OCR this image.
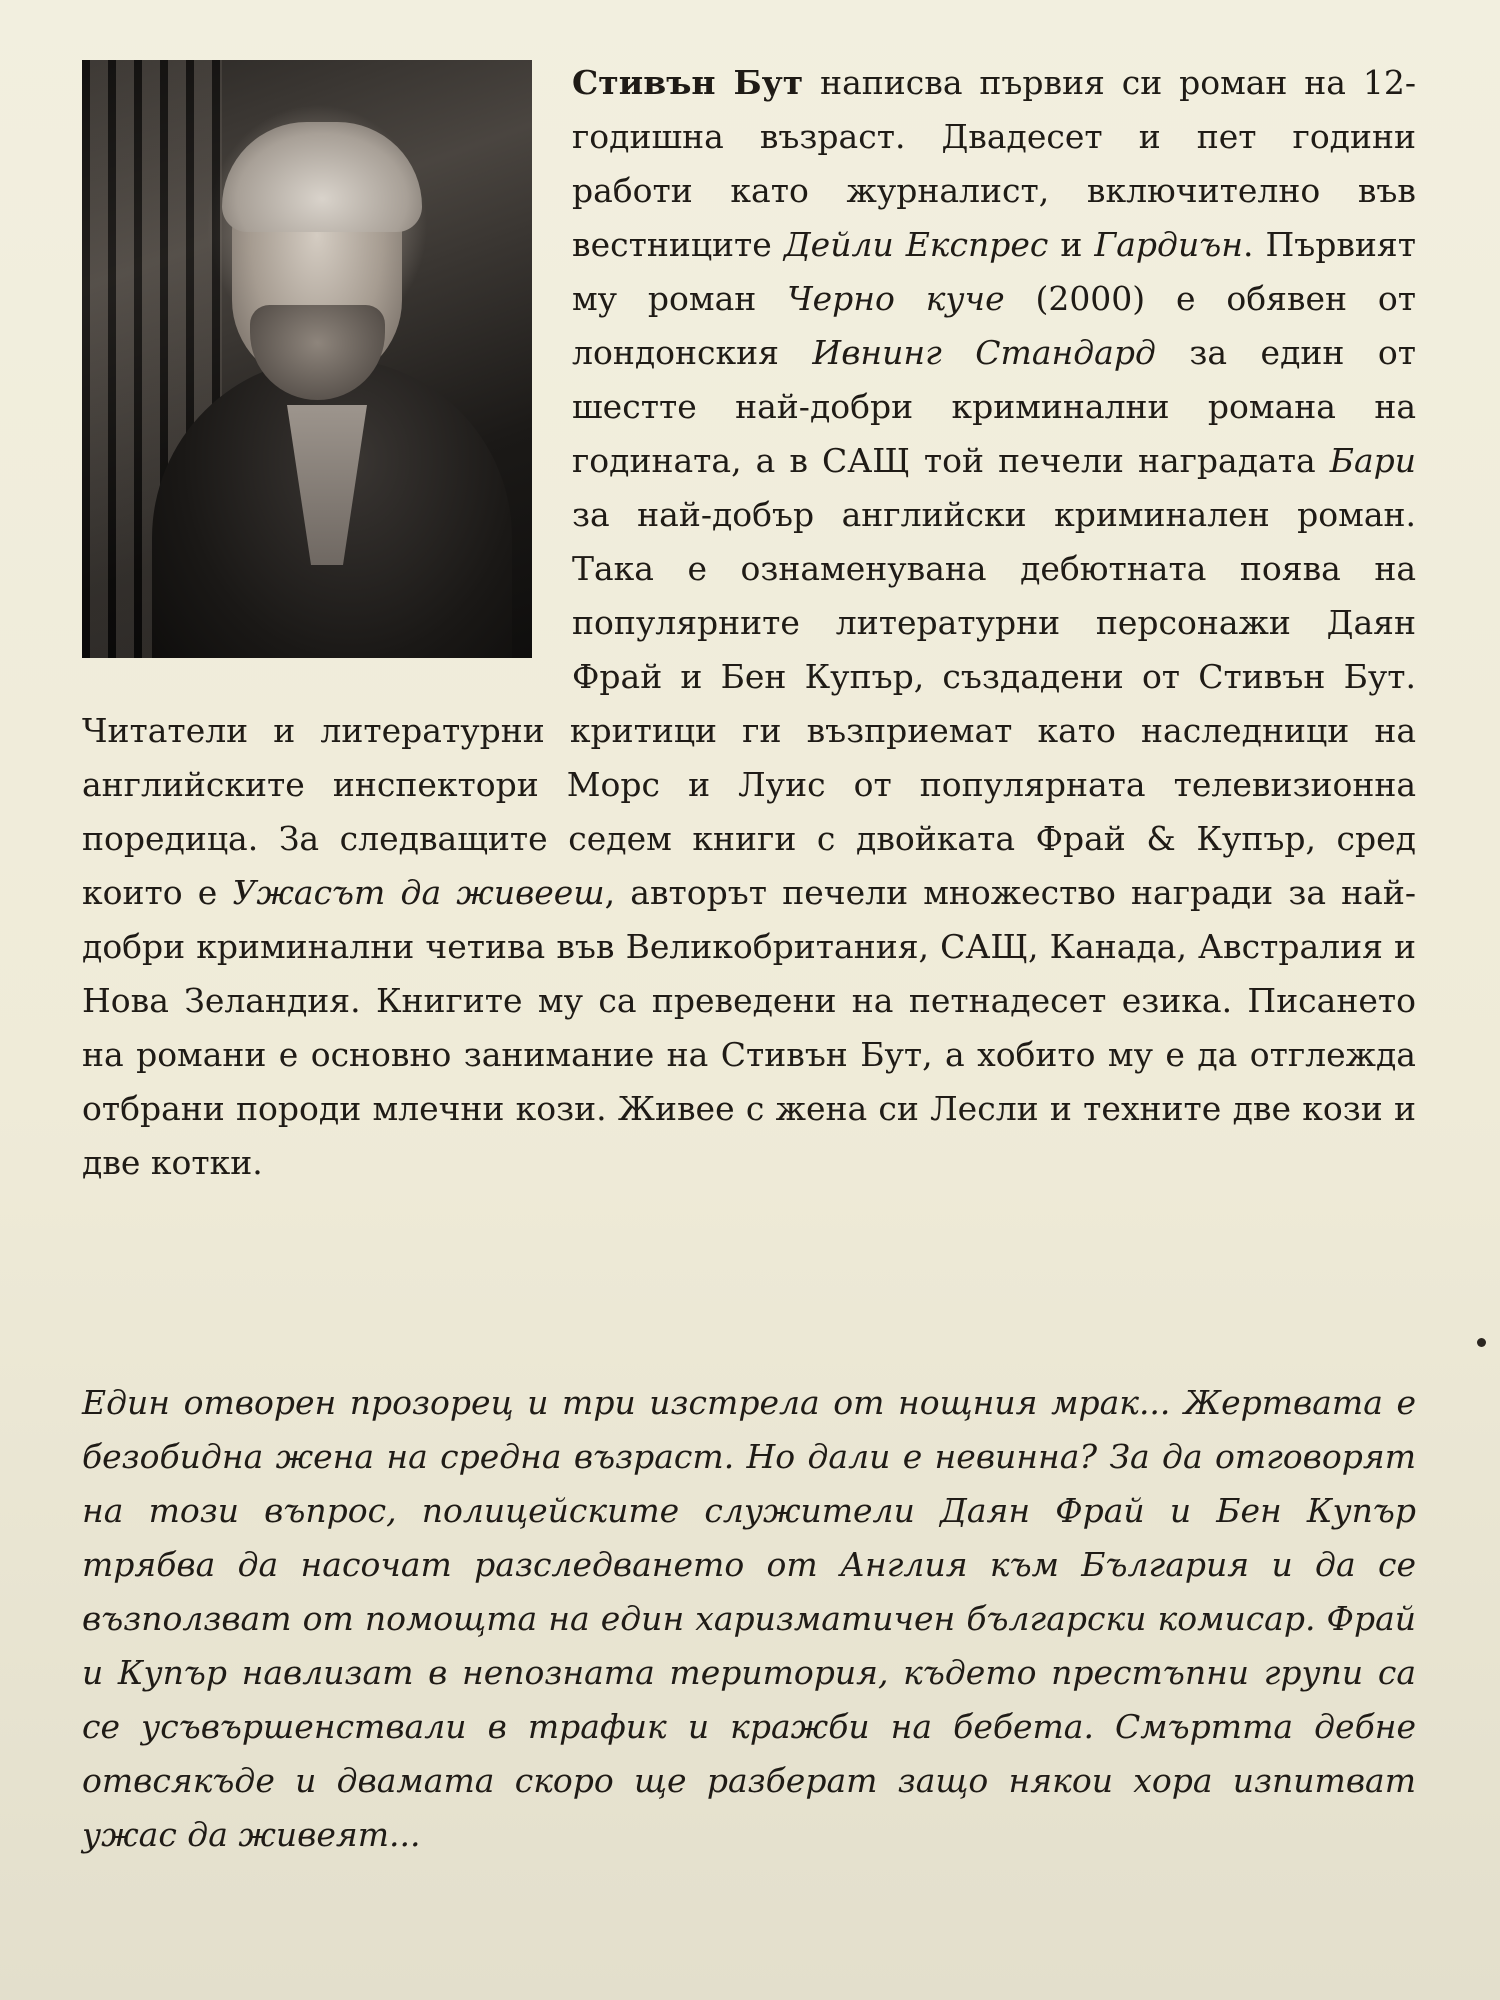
Стивън Бут написва първия си роман на 12-годишна възраст. Двадесет и пет години работи като журналист, включително във вестниците Дейли Експрес и Гардиън. Първият му роман Черно куче (2000) е обявен от лондонския Ивнинг Стандард за един от шестте най-добри криминални романа на годината, а в САЩ той печели наградата Бари за най-добър английски криминален роман. Така е ознаменувана дебютната поява на популярните литературни персонажи Даян Фрай и Бен Купър, създадени от Стивън Бут. Читатели и литературни критици ги възприемат като наследници на английските инспектори Морс и Луис от популярната телевизионна поредица. За следващите седем книги с двойката Фрай & Купър, сред които е Ужасът да живееш, авторът печели множество награди за най-добри криминални четива във Великобритания, САЩ, Канада, Австралия и Нова Зеландия. Книгите му са преведени на петнадесет езика. Писането на романи е основно занимание на Стивън Бут, а хобито му е да отглежда отбрани породи млечни кози. Живее с жена си Лесли и техните две кози и две котки.
Един отворен прозорец и три изстрела от нощния мрак... Жертвата е безобидна жена на средна възраст. Но дали е невинна? За да отговорят на този въпрос, полицейските служители Даян Фрай и Бен Купър трябва да насочат разследването от Англия към България и да се възползват от помощта на един харизматичен български комисар. Фрай и Купър навлизат в непозната територия, където престъпни групи са се усъвършенствали в трафик и кражби на бебета. Смъртта дебне отвсякъде и двамата скоро ще разберат защо някои хора изпитват ужас да живеят...
